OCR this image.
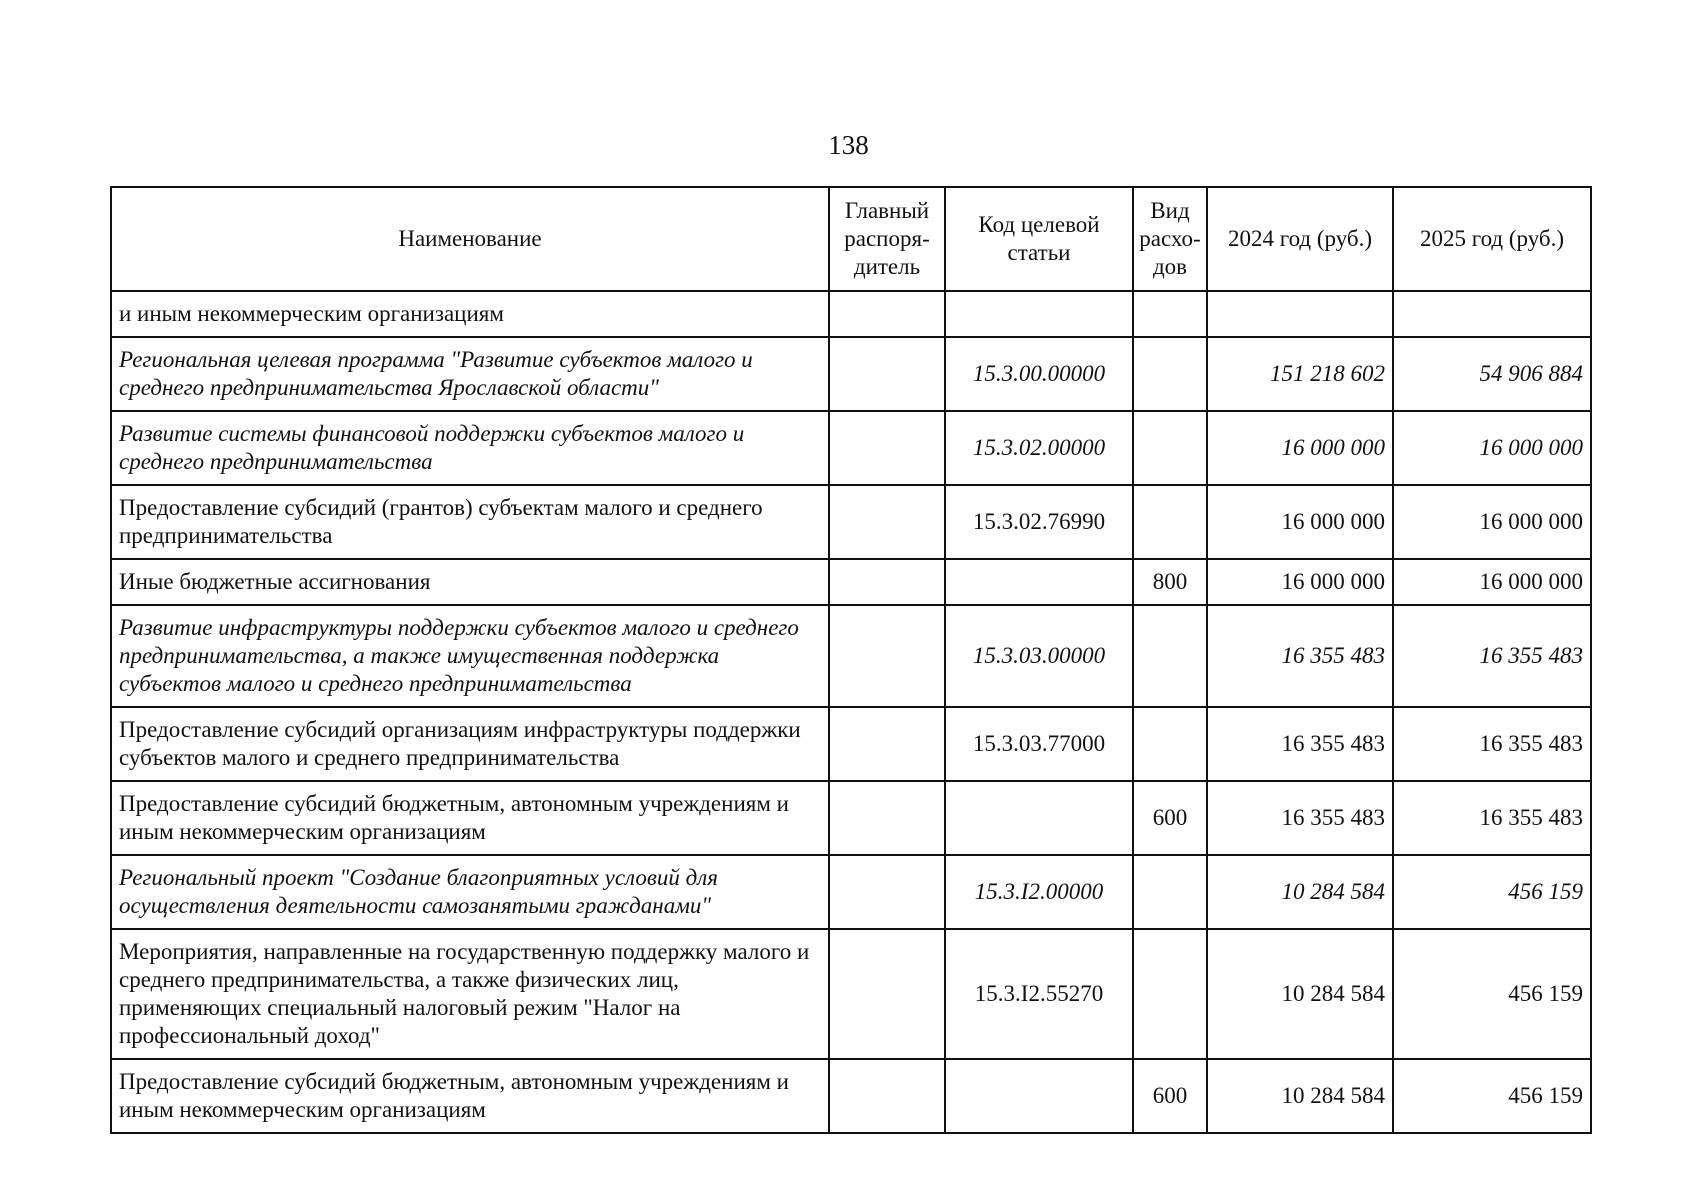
138
Наименование	Главный распоря-дитель	Код целевой статьи	Вид расхо-дов	2024 год (руб.)	2025 год (руб.)
и иным некоммерческим организациям					
Региональная целевая программа "Развитие субъектов малого и среднего предпринимательства Ярославской области"		15.3.00.00000		151 218 602	54 906 884
Развитие системы финансовой поддержки субъектов малого и среднего предпринимательства		15.3.02.00000		16 000 000	16 000 000
Предоставление субсидий (грантов) субъектам малого и среднего предпринимательства		15.3.02.76990		16 000 000	16 000 000
Иные бюджетные ассигнования			800	16 000 000	16 000 000
Развитие инфраструктуры поддержки субъектов малого и среднего предпринимательства, а также имущественная поддержка субъектов малого и среднего предпринимательства		15.3.03.00000		16 355 483	16 355 483
Предоставление субсидий организациям инфраструктуры поддержки субъектов малого и среднего предпринимательства		15.3.03.77000		16 355 483	16 355 483
Предоставление субсидий бюджетным, автономным учреждениям и иным некоммерческим организациям			600	16 355 483	16 355 483
Региональный проект "Создание благоприятных условий для осуществления деятельности самозанятыми гражданами"		15.3.I2.00000		10 284 584	456 159
Мероприятия, направленные на государственную поддержку малого и среднего предпринимательства, а также физических лиц, применяющих специальный налоговый режим "Налог на профессиональный доход"		15.3.I2.55270		10 284 584	456 159
Предоставление субсидий бюджетным, автономным учреждениям и иным некоммерческим организациям			600	10 284 584	456 159
